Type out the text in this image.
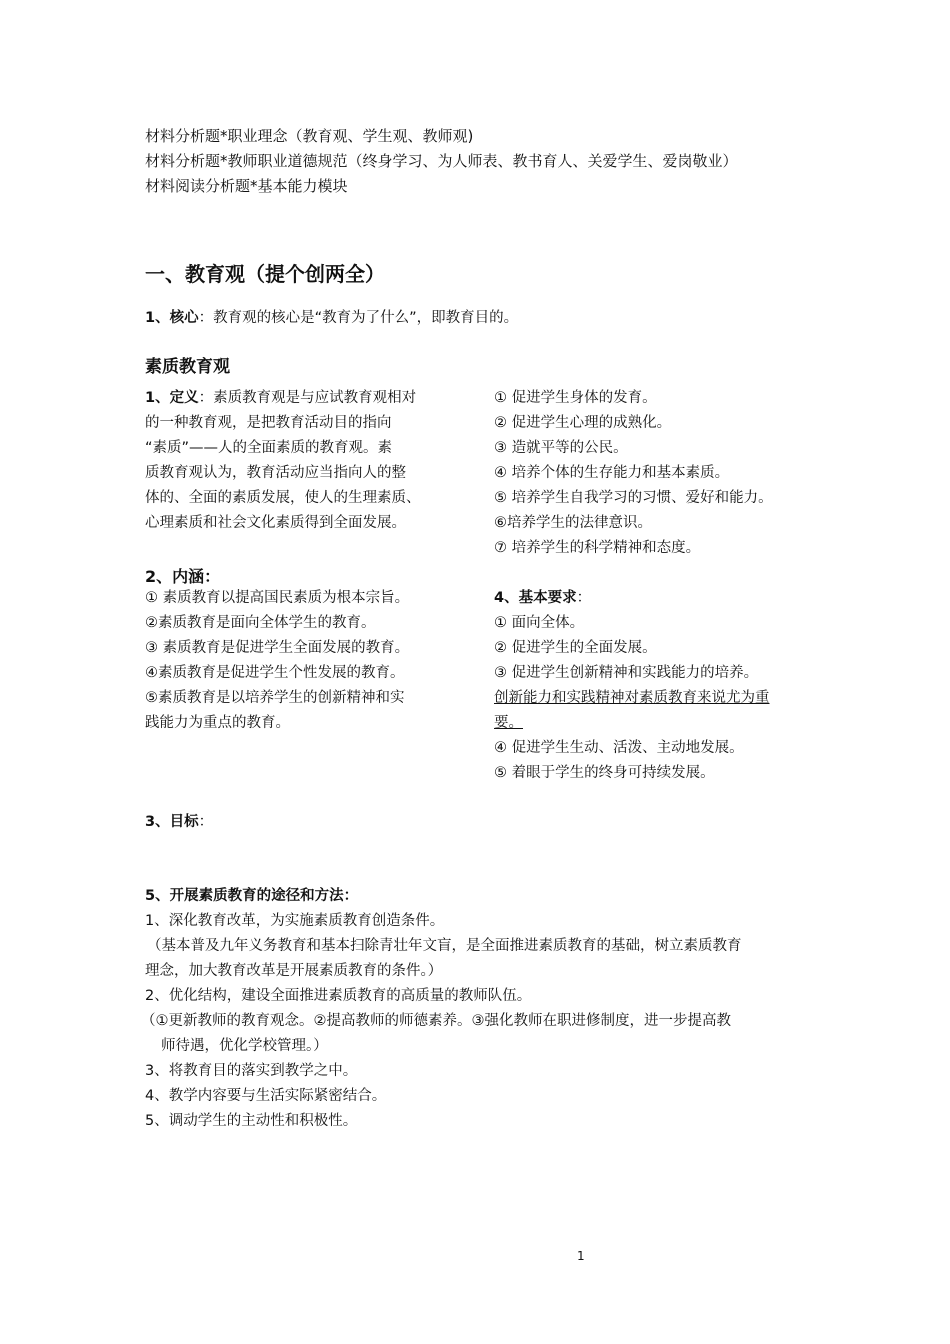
材料分析题*职业理念（教育观、学生观、教师观)
材料分析题*教师职业道德规范（终身学习、为人师表、教书育人、关爱学生、爱岗敬业）
材料阅读分析题*基本能力模块
一、教育观（提个创两全）
1、核心：教育观的核心是“教育为了什么”，即教育目的。
素质教育观
1、定义：素质教育观是与应试教育观相对
的一种教育观，是把教育活动目的指向
“素质”——人的全面素质的教育观。素
质教育观认为，教育活动应当指向人的整
体的、全面的素质发展，使人的生理素质、
心理素质和社会文化素质得到全面发展。
① 促进学生身体的发育。
② 促进学生心理的成熟化。
③ 造就平等的公民。
④ 培养个体的生存能力和基本素质。
⑤ 培养学生自我学习的习惯、爱好和能力。
⑥培养学生的法律意识。
⑦ 培养学生的科学精神和态度。
2、内涵：
① 素质教育以提高国民素质为根本宗旨。
②素质教育是面向全体学生的教育。
③ 素质教育是促进学生全面发展的教育。
④素质教育是促进学生个性发展的教育。
⑤素质教育是以培养学生的创新精神和实
践能力为重点的教育。
4、基本要求：
① 面向全体。
② 促进学生的全面发展。
③ 促进学生创新精神和实践能力的培养。
创新能力和实践精神对素质教育来说尤为重
要。
④ 促进学生生动、活泼、主动地发展。
⑤ 着眼于学生的终身可持续发展。
3、目标：
5、开展素质教育的途径和方法：
1、深化教育改革，为实施素质教育创造条件。
（基本普及九年义务教育和基本扫除青壮年文盲，是全面推进素质教育的基础，树立素质教育
理念，加大教育改革是开展素质教育的条件。）
2、优化结构，建设全面推进素质教育的高质量的教师队伍。
（①更新教师的教育观念。②提高教师的师德素养。③强化教师在职进修制度，进一步提高教
师待遇，优化学校管理。）
3、将教育目的落实到教学之中。
4、教学内容要与生活实际紧密结合。
5、调动学生的主动性和积极性。
1
